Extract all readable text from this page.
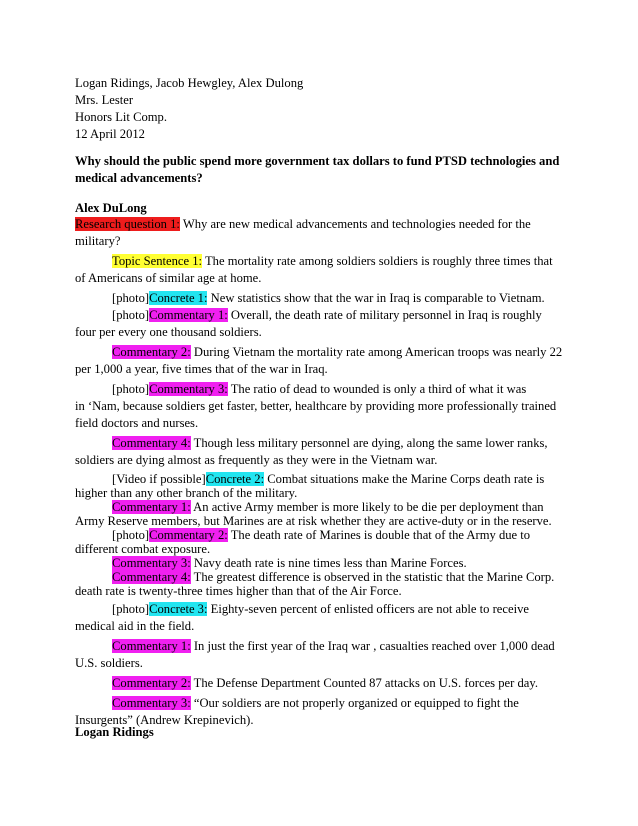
Logan Ridings, Jacob Hewgley, Alex Dulong
Mrs. Lester
Honors Lit Comp.
12 April 2012
Why should the public spend more government tax dollars to fund PTSD technologies and
medical advancements?
Alex DuLong
Research question 1: Why are new medical advancements and technologies needed for the
military?
Topic Sentence 1: The mortality rate among soldiers soldiers is roughly three times that
of Americans of similar age at home.
[photo]Concrete 1: New statistics show that the war in Iraq is comparable to Vietnam.
[photo]Commentary 1: Overall, the death rate of military personnel in Iraq is roughly
four per every one thousand soldiers.
Commentary 2: During Vietnam the mortality rate among American troops was nearly 22
per 1,000 a year, five times that of the war in Iraq.
[photo]Commentary 3: The ratio of dead to wounded is only a third of what it was
in ‘Nam, because soldiers get faster, better, healthcare by providing more professionally trained
field doctors and nurses.
Commentary 4: Though less military personnel are dying, along the same lower ranks,
soldiers are dying almost as frequently as they were in the Vietnam war.
[Video if possible]Concrete 2: Combat situations make the Marine Corps death rate is
higher than any other branch of the military.
Commentary 1: An active Army member is more likely to be die per deployment than
Army Reserve members, but Marines are at risk whether they are active-duty or in the reserve.
[photo]Commentary 2: The death rate of Marines is double that of the Army due to
different combat exposure.
Commentary 3: Navy death rate is nine times less than Marine Forces.
Commentary 4: The greatest difference is observed in the statistic that the Marine Corp.
death rate is twenty-three times higher than that of the Air Force.
[photo]Concrete 3: Eighty-seven percent of enlisted officers are not able to receive
medical aid in the field.
Commentary 1: In just the first year of the Iraq war , casualties reached over 1,000 dead
U.S. soldiers.
Commentary 2: The Defense Department Counted 87 attacks on U.S. forces per day.
Commentary 3: “Our soldiers are not properly organized or equipped to fight the
Insurgents” (Andrew Krepinevich).
Logan Ridings
